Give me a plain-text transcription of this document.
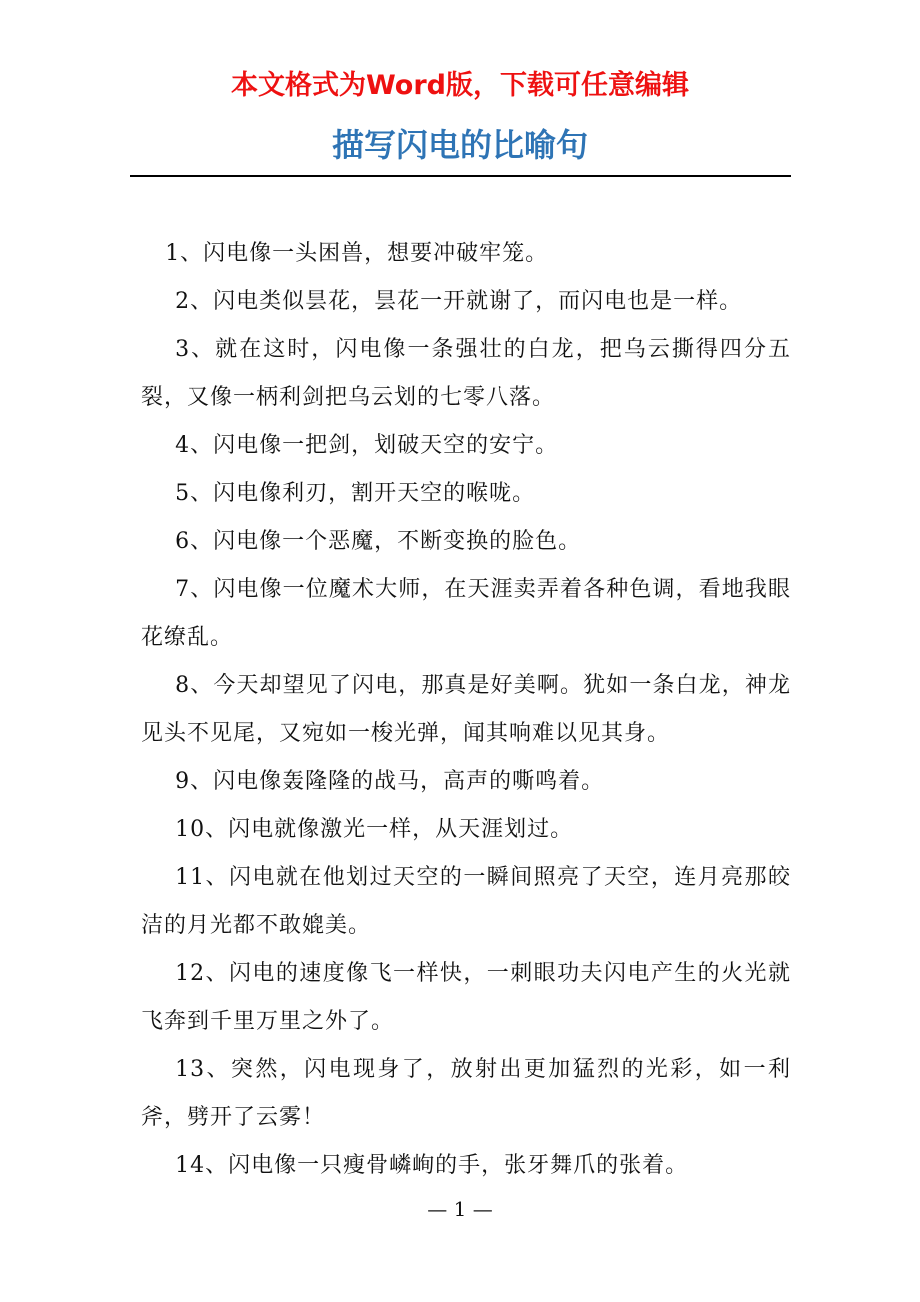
本文格式为Word版，下载可任意编辑
描写闪电的比喻句

1、闪电像一头困兽，想要冲破牢笼。

2、闪电类似昙花，昙花一开就谢了，而闪电也是一样。

3、就在这时，闪电像一条强壮的白龙，把乌云撕得四分五裂，又像一柄利剑把乌云划的七零八落。

4、闪电像一把剑，划破天空的安宁。

5、闪电像利刃，割开天空的喉咙。

6、闪电像一个恶魔，不断变换的脸色。

7、闪电像一位魔术大师，在天涯卖弄着各种色调，看地我眼花缭乱。

8、今天却望见了闪电，那真是好美啊。犹如一条白龙，神龙见头不见尾，又宛如一梭光弹，闻其响难以见其身。

9、闪电像轰隆隆的战马，高声的嘶鸣着。

10、闪电就像激光一样，从天涯划过。

11、闪电就在他划过天空的一瞬间照亮了天空，连月亮那皎洁的月光都不敢媲美。

12、闪电的速度像飞一样快，一刺眼功夫闪电产生的火光就飞奔到千里万里之外了。

13、突然，闪电现身了，放射出更加猛烈的光彩，如一利斧，劈开了云雾！

14、闪电像一只瘦骨嶙峋的手，张牙舞爪的张着。

— 1 —
